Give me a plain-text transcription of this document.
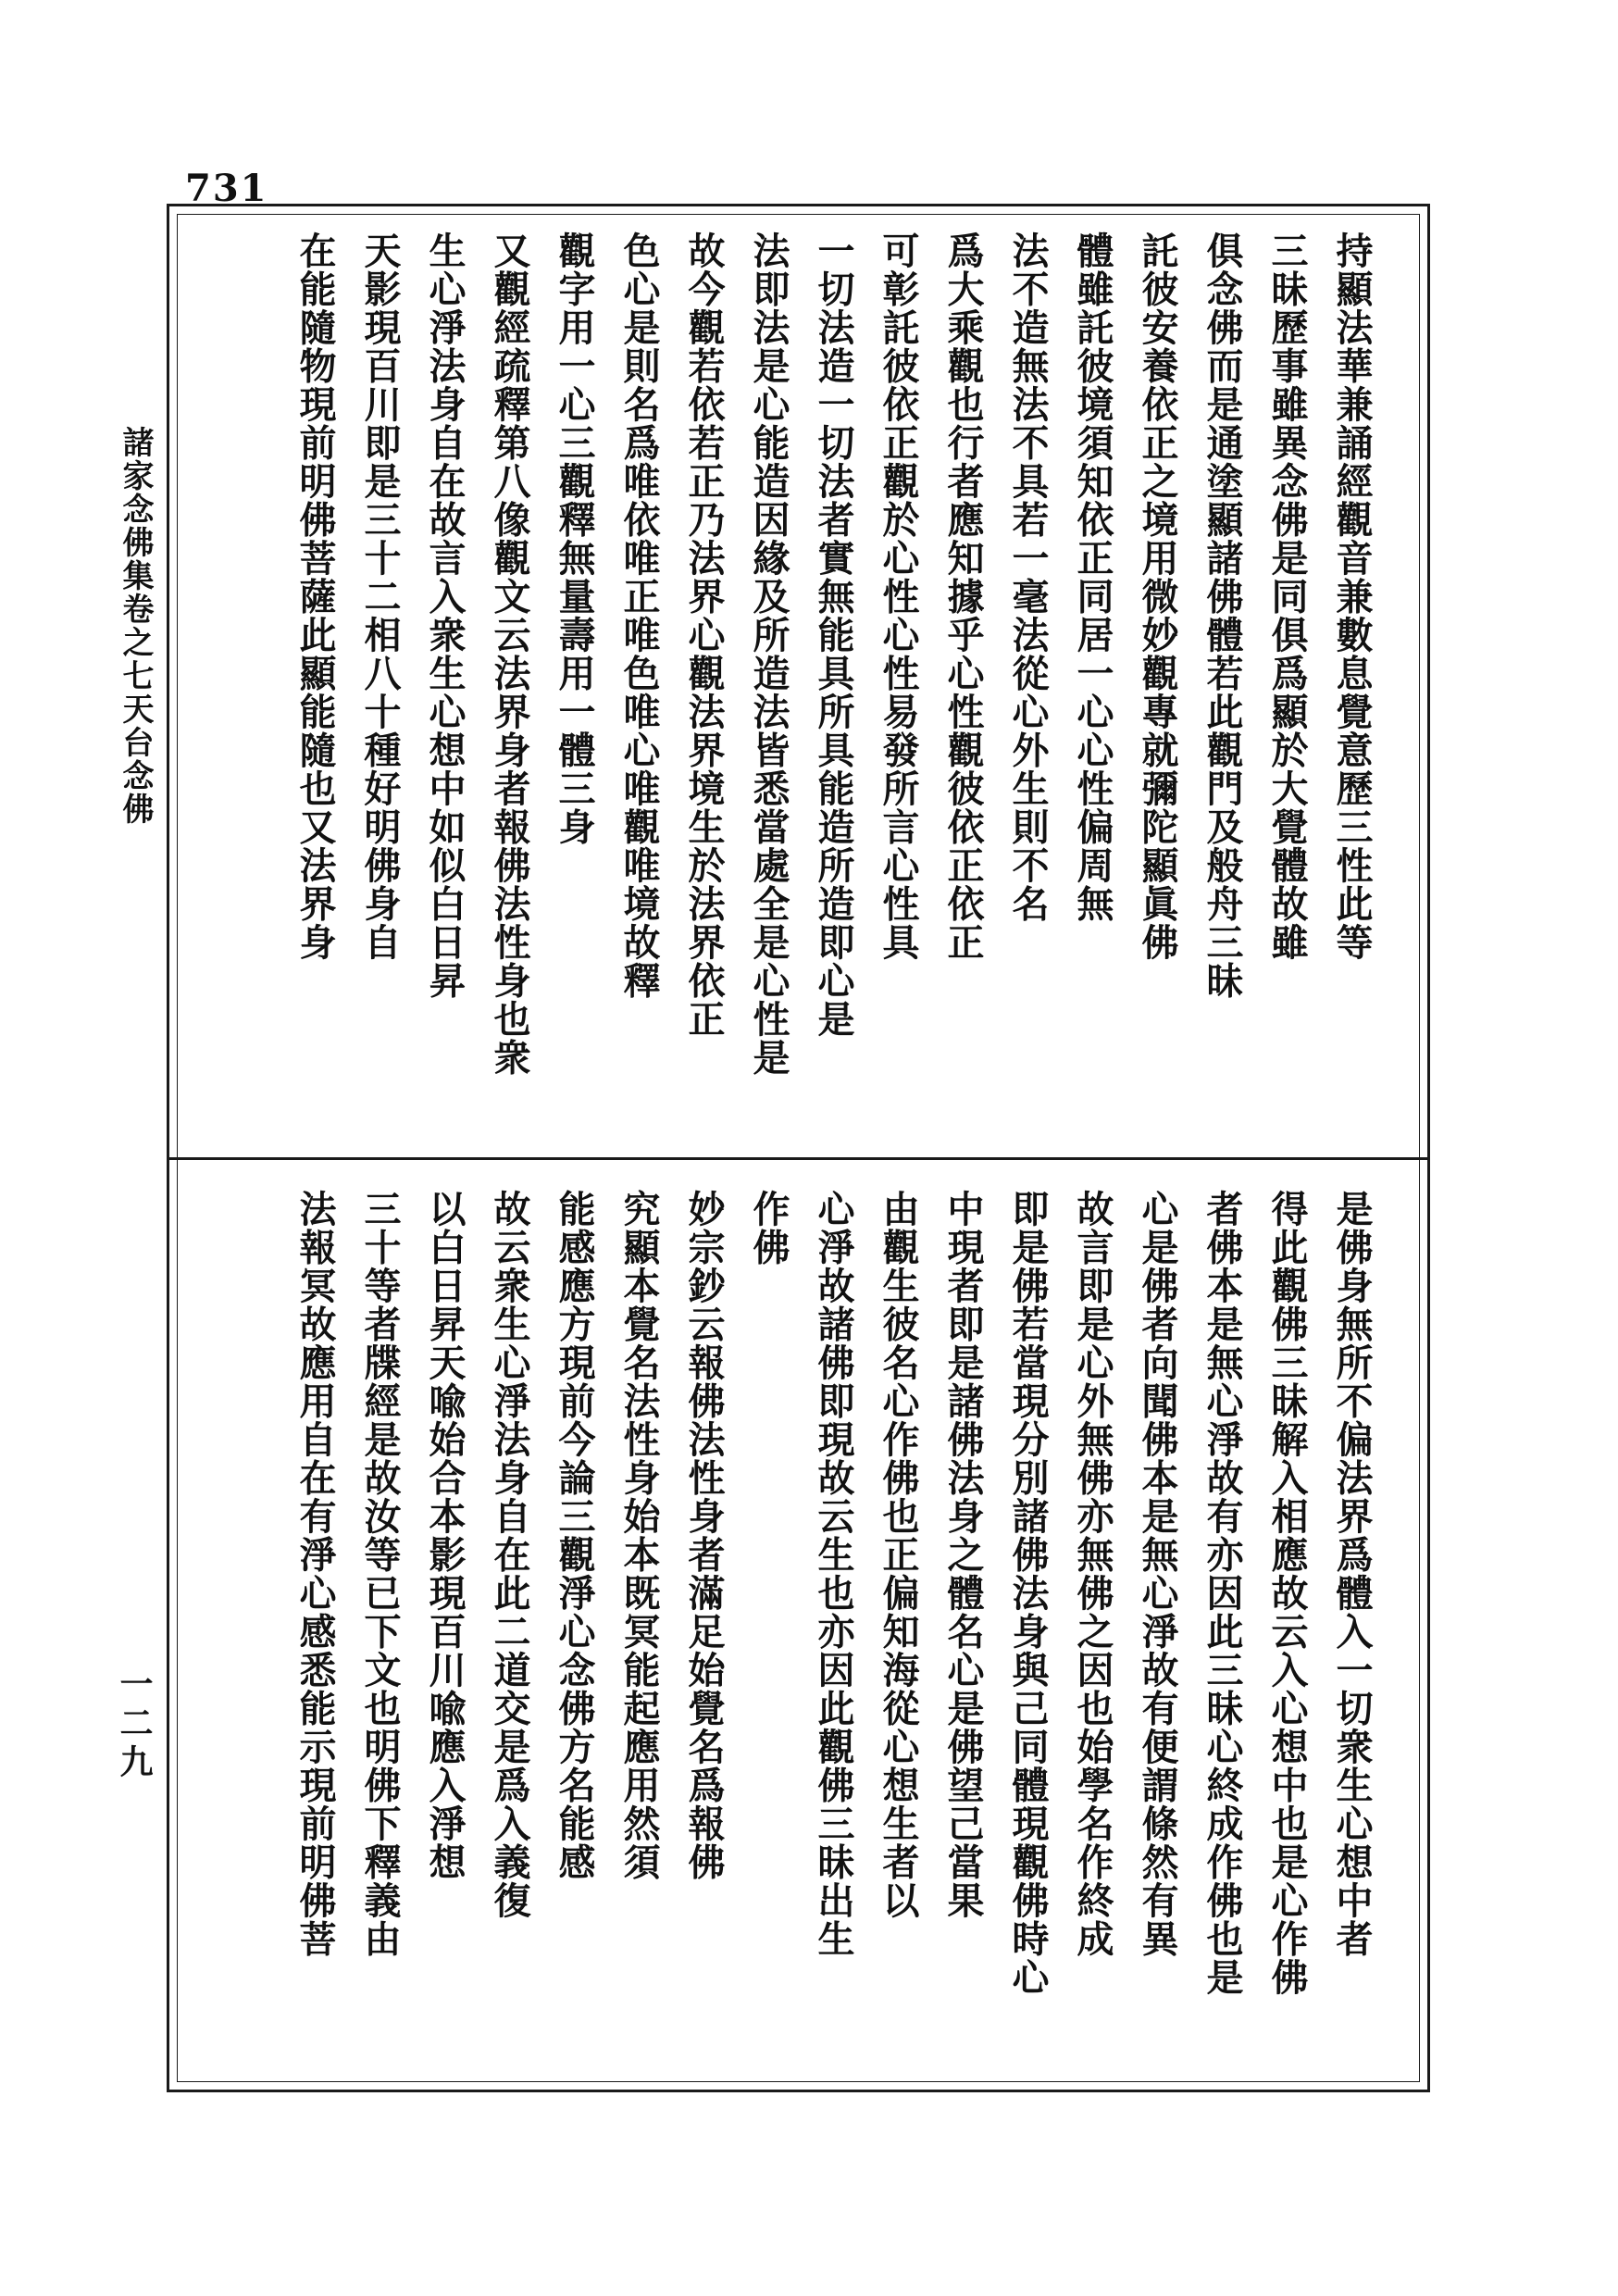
731
諸家念佛集卷之七天台念佛
一二九
持顯法華兼誦經觀音兼數息覺意歷三性此等
三昧歷事雖異念佛是同俱爲顯於大覺體故雖
俱念佛而是通塗顯諸佛體若此觀門及般舟三昧
託彼安養依正之境用微妙觀專就彌陀顯眞佛
體雖託彼境須知依正同居一心心性偏周無
法不造無法不具若一毫法從心外生則不名
爲大乘觀也行者應知據乎心性觀彼依正依正
可彰託彼依正觀於心性心性易發所言心性具
一切法造一切法者實無能具所具能造所造即心是
法即法是心能造因緣及所造法皆悉當處全是心性是
故今觀若依若正乃法界心觀法界境生於法界依正
色心是則名爲唯依唯正唯色唯心唯觀唯境故釋
觀字用一心三觀釋無量壽用一體三身
又觀經疏釋第八像觀文云法界身者報佛法性身也衆
生心淨法身自在故言入衆生心想中如似白日昇
天影現百川即是三十二相八十種好明佛身自
在能隨物現前明佛菩薩此顯能隨也又法界身
是佛身無所不偏法界爲體入一切衆生心想中者
得此觀佛三昧解入相應故云入心想中也是心作佛
者佛本是無心淨故有亦因此三昧心終成作佛也是
心是佛者向聞佛本是無心淨故有便謂條然有異
故言即是心外無佛亦無佛之因也始學名作終成
即是佛若當現分別諸佛法身與己同體現觀佛時心
中現者即是諸佛法身之體名心是佛望己當果
由觀生彼名心作佛也正偏知海從心想生者以
心淨故諸佛即現故云生也亦因此觀佛三昧出生
作佛
妙宗鈔云報佛法性身者滿足始覺名爲報佛
究顯本覺名法性身始本既冥能起應用然須
能感應方現前今論三觀淨心念佛方名能感
故云衆生心淨法身自在此二道交是爲入義復
以白日昇天喩始合本影現百川喩應入淨想
三十等者牒經是故汝等已下文也明佛下釋義由
法報冥故應用自在有淨心感悉能示現前明佛菩
